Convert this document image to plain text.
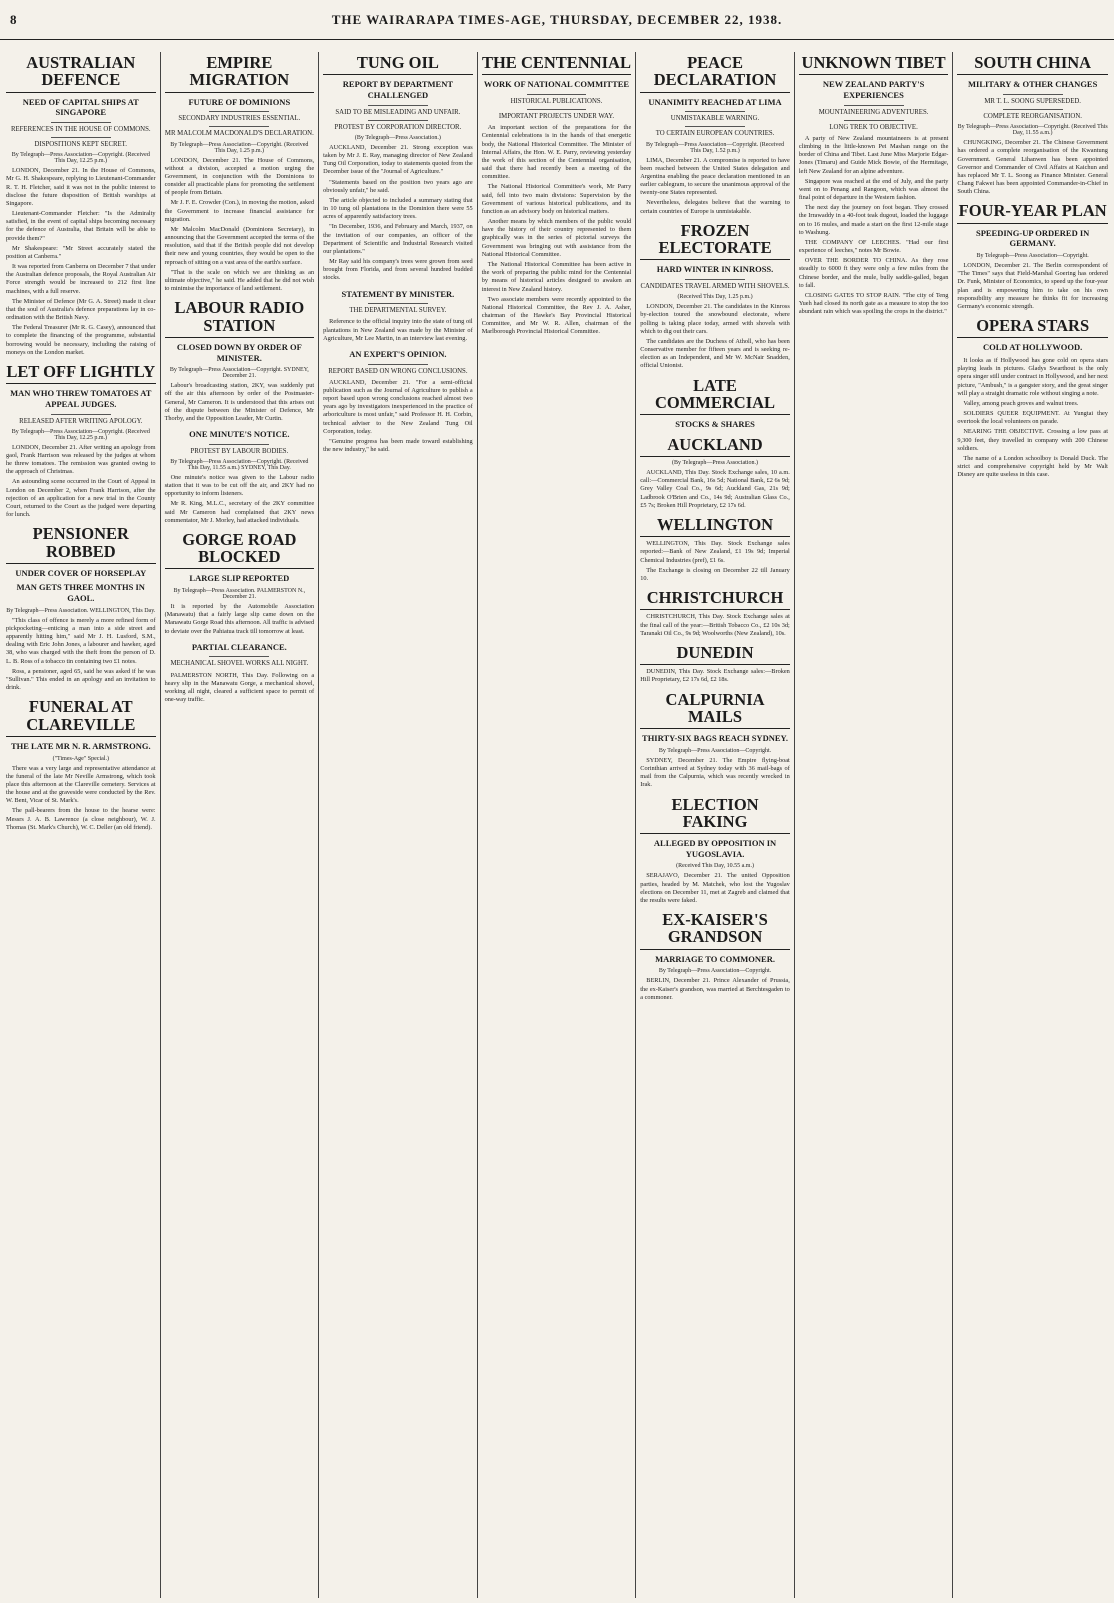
8	THE WAIRARAPA TIMES-AGE, THURSDAY, DECEMBER 22, 1938.
AUSTRALIAN DEFENCE
NEED OF CAPITAL SHIPS AT SINGAPORE
REFERENCES IN THE HOUSE OF COMMONS.
DISPOSITIONS KEPT SECRET.
By Telegraph—Press Association—Copyright. (Received This Day, 12.25 p.m.)

LONDON, December 21. In the House of Commons, Mr G. H. Shakespeare, replying to Lieutenant-Commander R. T. H. Fletcher, said it was not in the public interest to disclose the future disposition of British warships at Singapore.

Lieutenant-Commander Fletcher: "Is the Admiralty satisfied, in the event of capital ships becoming necessary for the defence of Australia, that Britain will be able to provide them?"

Mr Shakespeare: "Mr Street accurately stated the position at Canberra."

It was reported from Canberra on December 7 that under the Australian defence proposals, the Royal Australian Air Force strength would be increased to 212 first line machines, with a full reserve.

The Minister of Defence (Mr G. A. Street) made it clear that the soul of Australia's defence preparations lay in co-ordination with the British Navy.

The Federal Treasurer (Mr R. G. Casey), announced that to complete the financing of the programme, substantial borrowing would be necessary, including the raising of moneys on the London market.

LET OFF LIGHTLY
MAN WHO THREW TOMATOES AT APPEAL JUDGES.
RELEASED AFTER WRITING APOLOGY.
By Telegraph—Press Association—Copyright. (Received This Day, 12.25 p.m.)

LONDON, December 21. After writing an apology from gaol, Frank Harrison was released by the judges at whom he threw tomatoes. The remission was granted owing to the approach of Christmas.

An astounding scene occurred in the Court of Appeal in London on December 2, when Frank Harrison, after the rejection of an application for a new trial in the County Court, returned to the Court as the judged were departing for lunch.

PENSIONER ROBBED
UNDER COVER OF HORSEPLAY
MAN GETS THREE MONTHS IN GAOL.
By Telegraph—Press Association. WELLINGTON, This Day.

"This class of offence is merely a more refined form of pickpocketing—enticing a man into a side street and apparently hitting him," said Mr J. H. Lusford, S.M., dealing with Eric John Jones, a labourer and hawker, aged 38, who was charged with the theft from the person of D. L. B. Ross of a tobacco tin containing two £1 notes.

Ross, a pensioner, aged 65, said he was asked if he was "Sullivan." This ended in an apology and an invitation to drink.

FUNERAL AT CLAREVILLE
THE LATE MR N. R. ARMSTRONG.
("Times-Age" Special.)

There was a very large and representative attendance at the funeral of the late Mr Neville Armstrong, which took place this afternoon at the Clareville cemetery. Services at the house and at the graveside were conducted by the Rev. W. Bent, Vicar of St. Mark's.

The pall-bearers from the house to the hearse were: Messrs J. A. B. Lawrence (a close neighbour), W. J. Thomas (St. Mark's Church), W. C. Deller (an old friend).

EMPIRE MIGRATION
FUTURE OF DOMINIONS
SECONDARY INDUSTRIES ESSENTIAL.
MR MALCOLM MACDONALD'S DECLARATION.
By Telegraph—Press Association—Copyright. (Received This Day, 1.25 p.m.)

LONDON, December 21. The House of Commons, without a division, accepted a motion urging the Government, in conjunction with the Dominions to consider all practicable plans for promoting the settlement of people from Britain.

Mr J. F. E. Crowder (Con.), in moving the motion, asked the Government to increase financial assistance for migration.

Mr Malcolm MacDonald (Dominions Secretary), in announcing that the Government accepted the terms of the resolution, said that if the British people did not develop their new and young countries, they would be open to the reproach of sitting on a vast area of the earth's surface.

"That is the scale on which we are thinking as an ultimate objective," he said. He added that he did not wish to minimise the importance of land settlement.

LABOUR RADIO STATION
CLOSED DOWN BY ORDER OF MINISTER.
By Telegraph—Press Association—Copyright. SYDNEY, December 21.

Labour's broadcasting station, 2KY, was suddenly put off the air this afternoon by order of the Postmaster-General, Mr Cameron. It is understood that this arises out of the dispute between the Minister of Defence, Mr Thorby, and the Opposition Leader, Mr Curtin.

ONE MINUTE'S NOTICE.
PROTEST BY LABOUR BODIES.
By Telegraph—Press Association—Copyright. (Received This Day, 11.55 a.m.) SYDNEY, This Day.

One minute's notice was given to the Labour radio station that it was to be cut off the air, and 2KY had no opportunity to inform listeners.

Mr R. King, M.L.C., secretary of the 2KY committee said Mr Cameron had complained that 2KY news commentator, Mr J. Morley, had attacked individuals.

GORGE ROAD BLOCKED
LARGE SLIP REPORTED
By Telegraph—Press Association. PALMERSTON N., December 21.

It is reported by the Automobile Association (Manawatu) that a fairly large slip came down on the Manawatu Gorge Road this afternoon. All traffic is advised to deviate over the Pahiatua track till tomorrow at least.

PARTIAL CLEARANCE.
MECHANICAL SHOVEL WORKS ALL NIGHT.

PALMERSTON NORTH, This Day. Following on a heavy slip in the Manawatu Gorge, a mechanical shovel, working all night, cleared a sufficient space to permit of one-way traffic.

TUNG OIL
REPORT BY DEPARTMENT CHALLENGED
SAID TO BE MISLEADING AND UNFAIR.
PROTEST BY CORPORATION DIRECTOR.
(By Telegraph—Press Association.)

AUCKLAND, December 21. Strong exception was taken by Mr J. E. Ray, managing director of New Zealand Tung Oil Corporation, today to statements quoted from the December issue of the "Journal of Agriculture."

"Statements based on the position two years ago are obviously unfair," he said.

The article objected to included a summary stating that in 10 tung oil plantations in the Dominion there were 55 acres of apparently satisfactory trees.

"In December, 1936, and February and March, 1937, on the invitation of our companies, an officer of the Department of Scientific and Industrial Research visited our plantations."

Mr Ray said his company's trees were grown from seed brought from Florida, and from several hundred budded stocks.

STATEMENT BY MINISTER.
THE DEPARTMENTAL SURVEY.

Reference to the official inquiry into the state of tung oil plantations in New Zealand was made by the Minister of Agriculture, Mr Lee Martin, in an interview last evening.

AN EXPERT'S OPINION.
REPORT BASED ON WRONG CONCLUSIONS.

AUCKLAND, December 21. "For a semi-official publication such as the Journal of Agriculture to publish a report based upon wrong conclusions reached almost two years ago by investigators inexperienced in the practice of arboriculture is most unfair," said Professor H. H. Corbin, technical adviser to the New Zealand Tung Oil Corporation, today.

"Genuine progress has been made toward establishing the new industry," he said.

THE CENTENNIAL
WORK OF NATIONAL COMMITTEE
HISTORICAL PUBLICATIONS.
IMPORTANT PROJECTS UNDER WAY.

An important section of the preparations for the Centennial celebrations is in the hands of that energetic body, the National Historical Committee. The Minister of Internal Affairs, the Hon. W. E. Parry, reviewing yesterday the work of this section of the Centennial organisation, said that there had recently been a meeting of the committee.

The National Historical Committee's work, Mr Parry said, fell into two main divisions: Supervision by the Government of various historical publications, and its function as an advisory body on historical matters.

Another means by which members of the public would have the history of their country represented to them graphically was in the series of pictorial surveys the Government was bringing out with assistance from the National Historical Committee.

The National Historical Committee has been active in the work of preparing the public mind for the Centennial by means of historical articles designed to awaken an interest in New Zealand history.

Two associate members were recently appointed to the National Historical Committee, the Rev J. A. Asher, chairman of the Hawke's Bay Provincial Historical Committee, and Mr W. R. Allen, chairman of the Marlborough Provincial Historical Committee.

PEACE DECLARATION
UNANIMITY REACHED AT LIMA
UNMISTAKABLE WARNING.
TO CERTAIN EUROPEAN COUNTRIES.
By Telegraph—Press Association—Copyright. (Received This Day, 1.52 p.m.)

LIMA, December 21. A compromise is reported to have been reached between the United States delegation and Argentina enabling the peace declaration mentioned in an earlier cablegram, to secure the unanimous approval of the twenty-one States represented.

Nevertheless, delegates believe that the warning to certain countries of Europe is unmistakable.

FROZEN ELECTORATE
HARD WINTER IN KINROSS.
CANDIDATES TRAVEL ARMED WITH SHOVELS.
(Received This Day, 1.25 p.m.)

LONDON, December 21. The candidates in the Kinross by-election toured the snowbound electorate, where polling is taking place today, armed with shovels with which to dig out their cars.

The candidates are the Duchess of Atholl, who has been Conservative member for fifteen years and is seeking re-election as an Independent, and Mr W. McNair Snadden, official Unionist.

LATE COMMERCIAL
STOCKS & SHARES
AUCKLAND
(By Telegraph—Press Association.)

AUCKLAND, This Day. Stock Exchange sales, 10 a.m. call:—Commercial Bank, 16s 5d; National Bank, £2 6s 9d; Grey Valley Coal Co., 9s 6d; Auckland Gas, 21s 9d; Ladbrook O'Brien and Co., 14s 9d; Australian Glass Co., £5 7s; Broken Hill Proprietary, £2 17s 6d.

WELLINGTON

WELLINGTON, This Day. Stock Exchange sales reported:—Bank of New Zealand, £1 19s 9d; Imperial Chemical Industries (pref), £1 6s.

The Exchange is closing on December 22 till January 10.

CHRISTCHURCH

CHRISTCHURCH, This Day. Stock Exchange sales at the final call of the year:—British Tobacco Co., £2 10s 3d; Taranaki Oil Co., 9s 9d; Woolworths (New Zealand), 10s.

DUNEDIN

DUNEDIN, This Day. Stock Exchange sales:—Broken Hill Proprietary, £2 17s 6d, £2 18s.

CALPURNIA MAILS
THIRTY-SIX BAGS REACH SYDNEY.
By Telegraph—Press Association—Copyright.

SYDNEY, December 21. The Empire flying-boat Corinthian arrived at Sydney today with 36 mail-bags of mail from the Calpurnia, which was recently wrecked in Irak.

ELECTION FAKING
ALLEGED BY OPPOSITION IN YUGOSLAVIA.
(Received This Day, 10.55 a.m.)

SERAJAVO, December 21. The united Opposition parties, headed by M. Matchek, who lost the Yugoslav elections on December 11, met at Zagreb and claimed that the results were faked.

EX-KAISER'S GRANDSON
MARRIAGE TO COMMONER.
By Telegraph—Press Association—Copyright.

BERLIN, December 21. Prince Alexander of Prussia, the ex-Kaiser's grandson, was married at Berchtesgaden to a commoner.

UNKNOWN TIBET
NEW ZEALAND PARTY'S EXPERIENCES
MOUNTAINEERING ADVENTURES.
LONG TREK TO OBJECTIVE.

A party of New Zealand mountaineers is at present climbing in the little-known Pei Mashan range on the border of China and Tibet. Last June Miss Marjorie Edgar-Jones (Timaru) and Guide Mick Bowie, of the Hermitage, left New Zealand for an alpine adventure.

Singapore was reached at the end of July, and the party went on to Penang and Rangoon, which was almost the final point of departure in the Western fashion.

The next day the journey on foot began. They crossed the Irrawaddy in a 40-foot teak dugout, loaded the luggage on to 16 mules, and made a start on the first 12-mile stage to Washung.

THE COMPANY OF LEECHES. "Had our first experience of leeches," notes Mr Bowie.

OVER THE BORDER TO CHINA. As they rose steadily to 6000 ft they were only a few miles from the Chinese border, and the mule, bully saddle-galled, began to fall.

CLOSING GATES TO STOP RAIN. "The city of Teng Yueh had closed its north gate as a measure to stop the too abundant rain which was spoiling the crops in the district."

SOUTH CHINA
MILITARY & OTHER CHANGES
MR T. L. SOONG SUPERSEDED.
COMPLETE REORGANISATION.
By Telegraph—Press Association—Copyright. (Received This Day, 11.55 a.m.)

CHUNGKING, December 21. The Chinese Government has ordered a complete reorganisation of the Kwantung Government. General Lihanwen has been appointed Governor and Commander of Civil Affairs at Kaichun and has replaced Mr T. L. Soong as Finance Minister. General Chang Fakwei has been appointed Commander-in-Chief in South China.

FOUR-YEAR PLAN
SPEEDING-UP ORDERED IN GERMANY.
By Telegraph—Press Association—Copyright.

LONDON, December 21. The Berlin correspondent of "The Times" says that Field-Marshal Goering has ordered Dr. Funk, Minister of Economics, to speed up the four-year plan and is empowering him to take on his own responsibility any measure he thinks fit for increasing Germany's economic strength.

OPERA STARS
COLD AT HOLLYWOOD.

It looks as if Hollywood has gone cold on opera stars playing leads in pictures. Gladys Swarthout is the only opera singer still under contract in Hollywood, and her next picture, "Ambush," is a gangster story, and the great singer will play a straight dramatic role without singing a note.

Valley, among peach groves and walnut trees.

SOLDIERS QUEER EQUIPMENT. At Yungtai they overtook the local volunteers on parade.

NEARING THE OBJECTIVE. Crossing a low pass at 9,300 feet, they travelled in company with 200 Chinese soldiers.

The name of a London schoolboy is Donald Duck. The strict and comprehensive copyright held by Mr Walt Disney are quite useless in this case.
